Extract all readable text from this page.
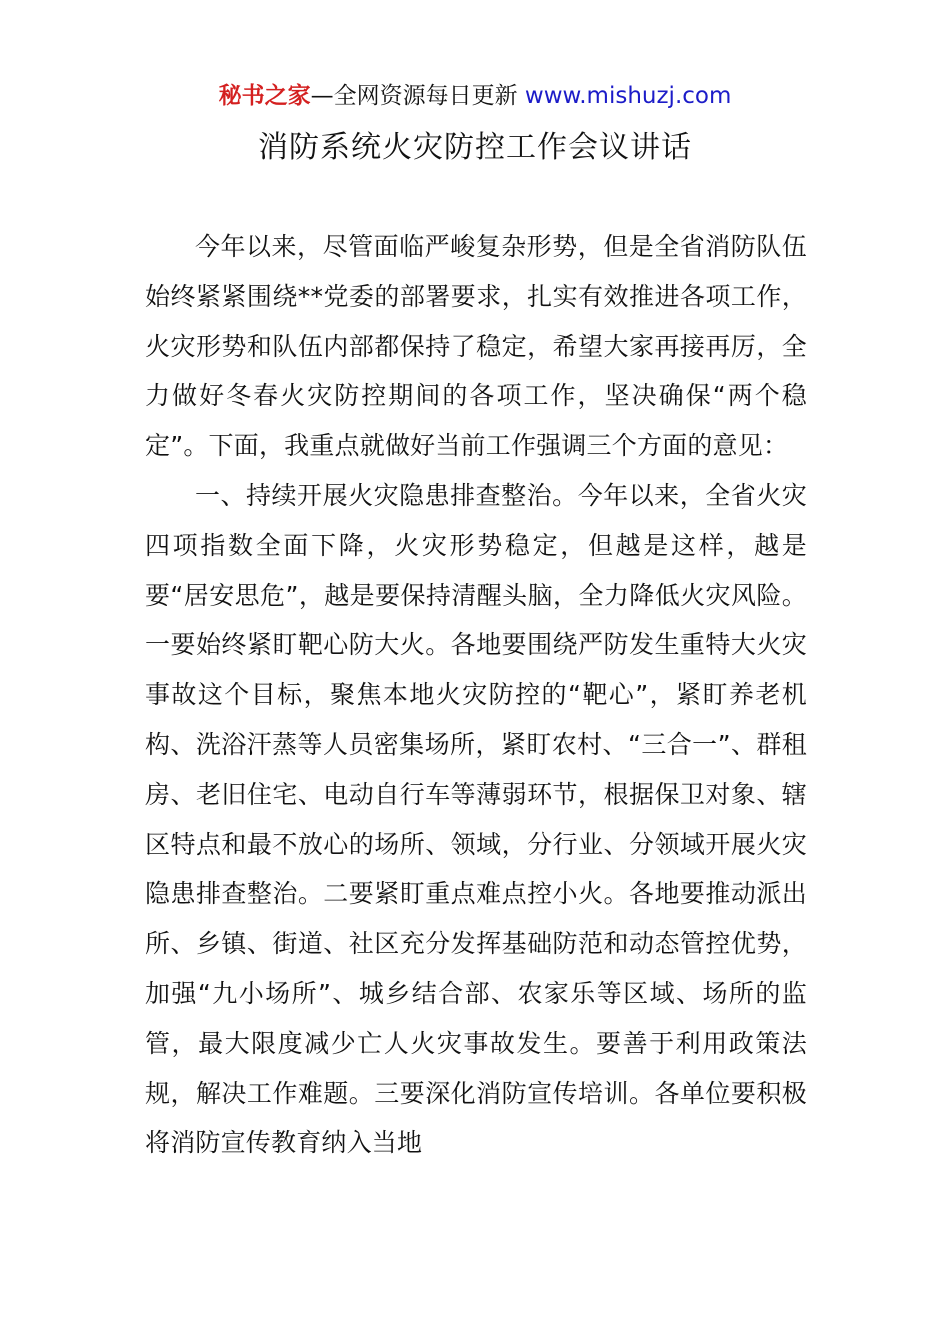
秘书之家—全网资源每日更新 www.mishuzj.com
消防系统火灾防控工作会议讲话

今年以来，尽管面临严峻复杂形势，但是全省消防队伍始终紧紧围绕**党委的部署要求，扎实有效推进各项工作，火灾形势和队伍内部都保持了稳定，希望大家再接再厉，全力做好冬春火灾防控期间的各项工作，坚决确保“两个稳定”。下面，我重点就做好当前工作强调三个方面的意见：

一、持续开展火灾隐患排查整治。今年以来，全省火灾四项指数全面下降，火灾形势稳定，但越是这样，越是要“居安思危”，越是要保持清醒头脑，全力降低火灾风险。一要始终紧盯靶心防大火。各地要围绕严防发生重特大火灾事故这个目标，聚焦本地火灾防控的“靶心”，紧盯养老机构、洗浴汗蒸等人员密集场所，紧盯农村、“三合一”、群租房、老旧住宅、电动自行车等薄弱环节，根据保卫对象、辖区特点和最不放心的场所、领域，分行业、分领域开展火灾隐患排查整治。二要紧盯重点难点控小火。各地要推动派出所、乡镇、街道、社区充分发挥基础防范和动态管控优势，加强“九小场所”、城乡结合部、农家乐等区域、场所的监管，最大限度减少亡人火灾事故发生。要善于利用政策法规，解决工作难题。三要深化消防宣传培训。各单位要积极将消防宣传教育纳入当地
